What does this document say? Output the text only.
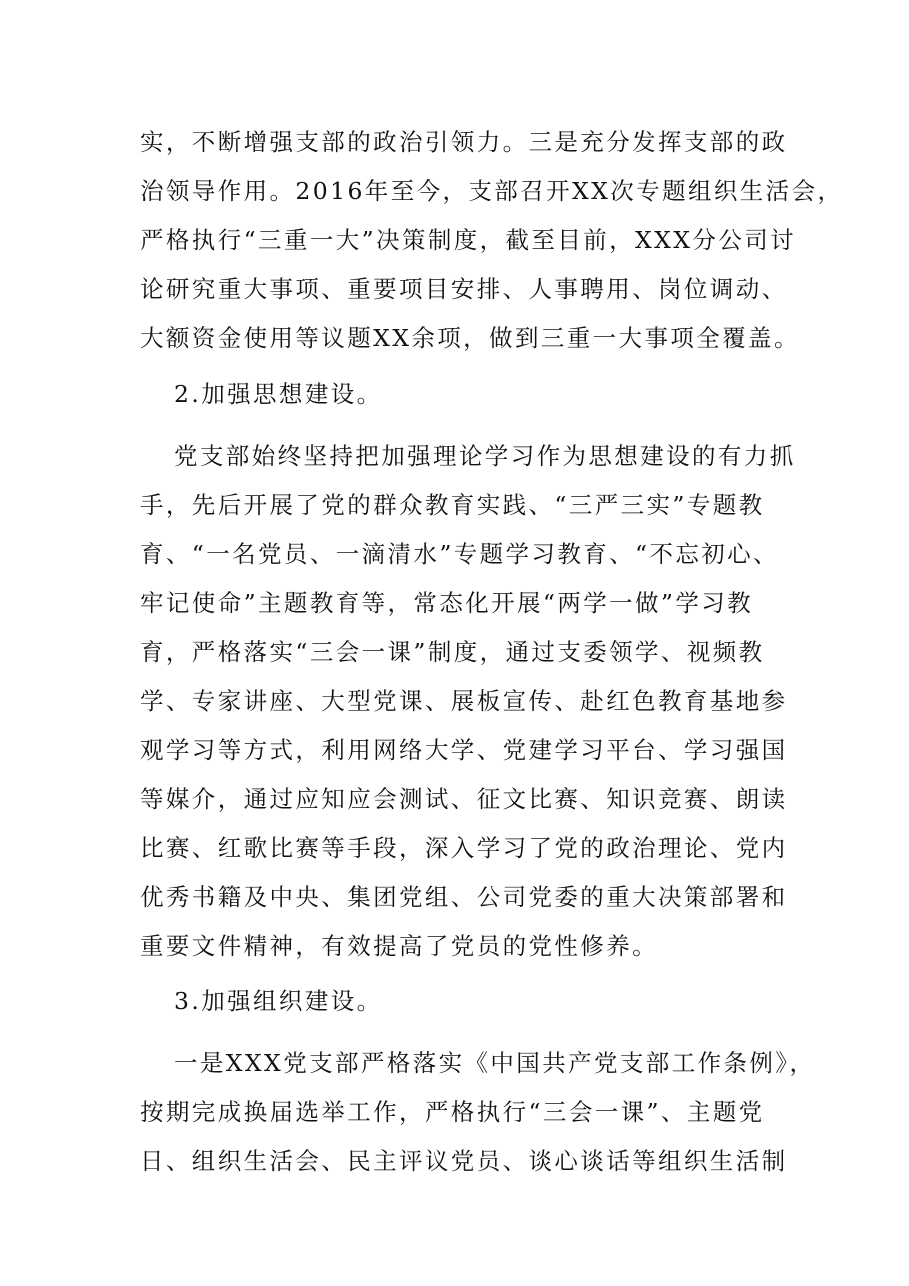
实，不断增强支部的政治引领力。三是充分发挥支部的政
治领导作用。2016年至今，支部召开XX次专题组织生活会，
严格执行“三重一大”决策制度，截至目前，XXX分公司讨
论研究重大事项、重要项目安排、人事聘用、岗位调动、
大额资金使用等议题XX余项，做到三重一大事项全覆盖。
2.加强思想建设。
党支部始终坚持把加强理论学习作为思想建设的有力抓
手，先后开展了党的群众教育实践、“三严三实”专题教
育、“一名党员、一滴清水”专题学习教育、“不忘初心、
牢记使命”主题教育等，常态化开展“两学一做”学习教
育，严格落实“三会一课”制度，通过支委领学、视频教
学、专家讲座、大型党课、展板宣传、赴红色教育基地参
观学习等方式，利用网络大学、党建学习平台、学习强国
等媒介，通过应知应会测试、征文比赛、知识竞赛、朗读
比赛、红歌比赛等手段，深入学习了党的政治理论、党内
优秀书籍及中央、集团党组、公司党委的重大决策部署和
重要文件精神，有效提高了党员的党性修养。
3.加强组织建设。
一是XXX党支部严格落实《中国共产党支部工作条例》，
按期完成换届选举工作，严格执行“三会一课”、主题党
日、组织生活会、民主评议党员、谈心谈话等组织生活制
